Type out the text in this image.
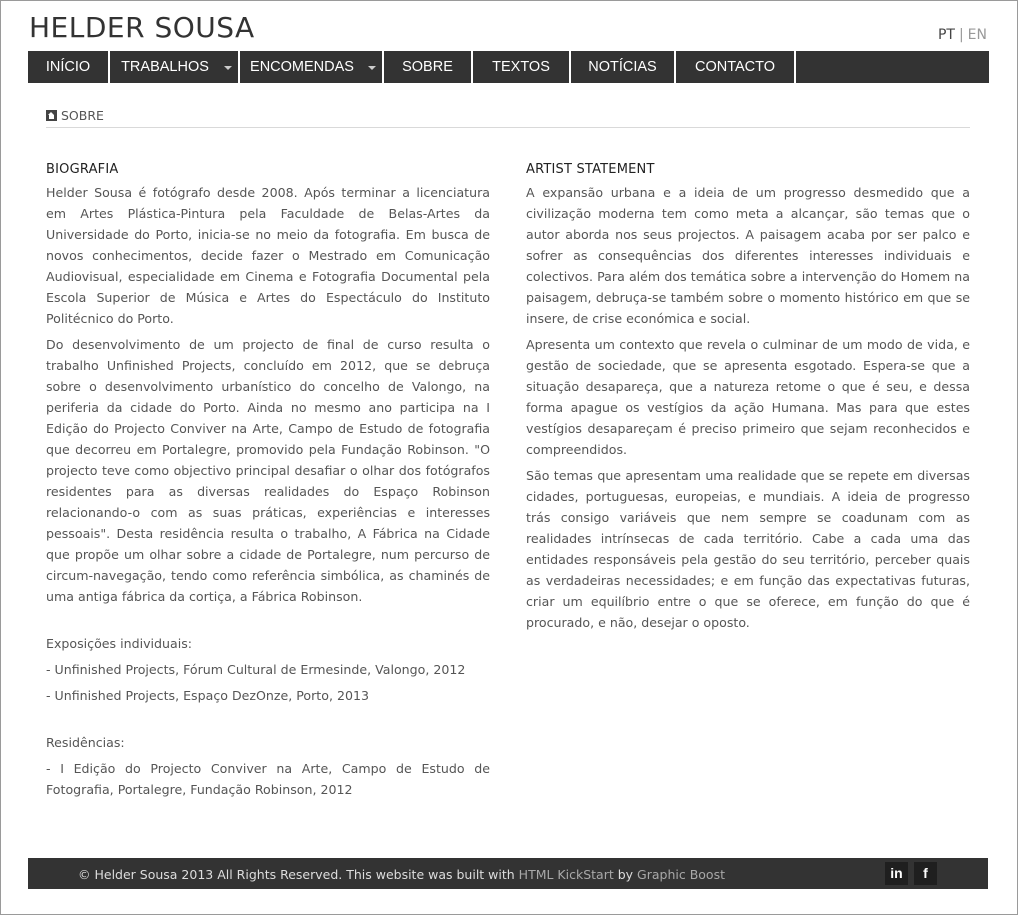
HELDER SOUSA	PT | EN
INÍCIO	TRABALHOS	ENCOMENDAS	SOBRE	TEXTOS	NOTÍCIAS	CONTACTO
SOBRE
BIOGRAFIA

Helder Sousa é fotógrafo desde 2008. Após terminar a licenciatura em Artes Plástica-Pintura pela Faculdade de Belas-Artes da Universidade do Porto, inicia-se no meio da fotografia. Em busca de novos conhecimentos, decide fazer o Mestrado em Comunicação Audiovisual, especialidade em Cinema e Fotografia Documental pela Escola Superior de Música e Artes do Espectáculo do Instituto Politécnico do Porto.

Do desenvolvimento de um projecto de final de curso resulta o trabalho Unfinished Projects, concluído em 2012, que se debruça sobre o desenvolvimento urbanístico do concelho de Valongo, na periferia da cidade do Porto. Ainda no mesmo ano participa na I Edição do Projecto Conviver na Arte, Campo de Estudo de fotografia que decorreu em Portalegre, promovido pela Fundação Robinson. "O projecto teve como objectivo principal desafiar o olhar dos fotógrafos residentes para as diversas realidades do Espaço Robinson relacionando-o com as suas práticas, experiências e interesses pessoais". Desta residência resulta o trabalho, A Fábrica na Cidade que propõe um olhar sobre a cidade de Portalegre, num percurso de circum-navegação, tendo como referência simbólica, as chaminés de uma antiga fábrica da cortiça, a Fábrica Robinson.

Exposições individuais:

- Unfinished Projects, Fórum Cultural de Ermesinde, Valongo, 2012

- Unfinished Projects, Espaço DezOnze, Porto, 2013

Residências:

- I Edição do Projecto Conviver na Arte, Campo de Estudo de Fotografia, Portalegre, Fundação Robinson, 2012

ARTIST STATEMENT

A expansão urbana e a ideia de um progresso desmedido que a civilização moderna tem como meta a alcançar, são temas que o autor aborda nos seus projectos. A paisagem acaba por ser palco e sofrer as consequências dos diferentes interesses individuais e colectivos. Para além dos temática sobre a intervenção do Homem na paisagem, debruça-se também sobre o momento histórico em que se insere, de crise económica e social.

Apresenta um contexto que revela o culminar de um modo de vida, e gestão de sociedade, que se apresenta esgotado. Espera-se que a situação desapareça, que a natureza retome o que é seu, e dessa forma apague os vestígios da ação Humana. Mas para que estes vestígios desapareçam é preciso primeiro que sejam reconhecidos e compreendidos.

São temas que apresentam uma realidade que se repete em diversas cidades, portuguesas, europeias, e mundiais. A ideia de progresso trás consigo variáveis que nem sempre se coadunam com as realidades intrínsecas de cada território. Cabe a cada uma das entidades responsáveis pela gestão do seu território, perceber quais as verdadeiras necessidades; e em função das expectativas futuras, criar um equilíbrio entre o que se oferece, em função do que é procurado, e não, desejar o oposto.

© Helder Sousa 2013 All Rights Reserved. This website was built with HTML KickStart by Graphic Boost	in	f
